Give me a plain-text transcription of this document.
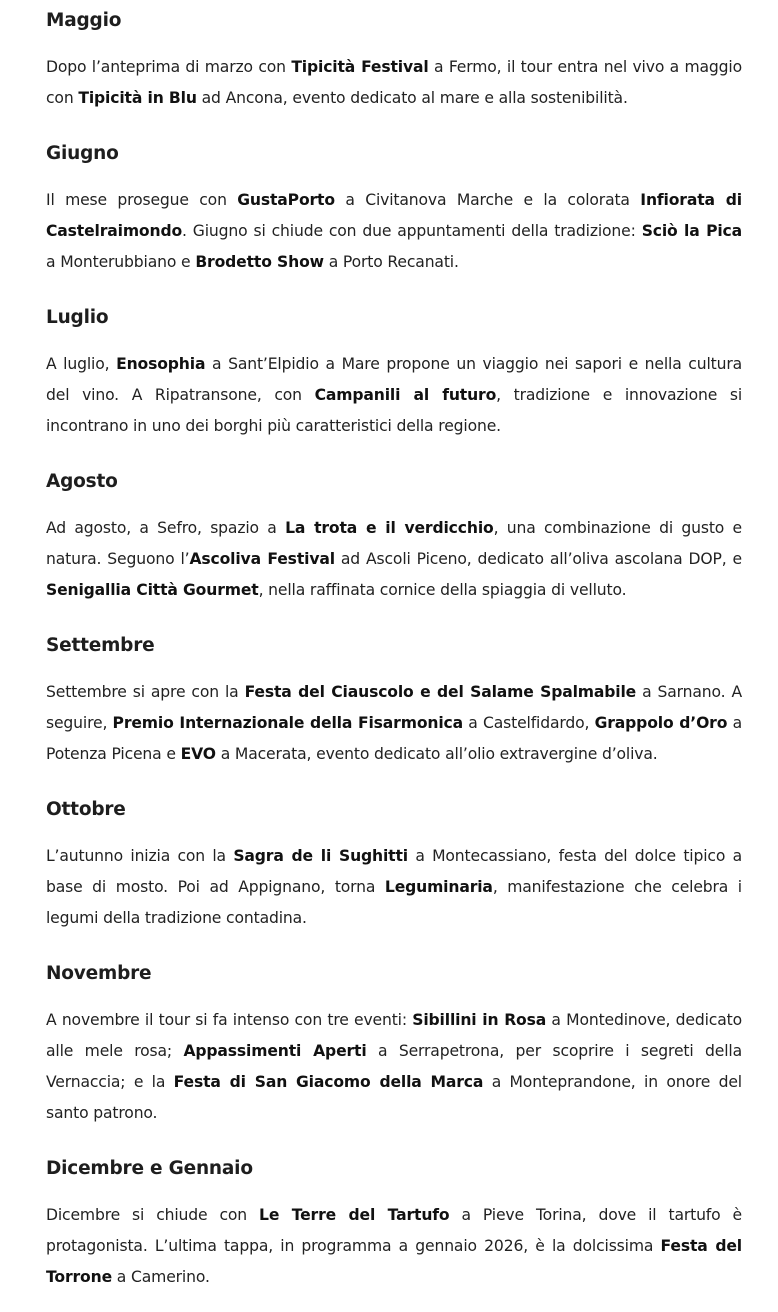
Maggio

Dopo l’anteprima di marzo con Tipicità Festival a Fermo, il tour entra nel vivo a maggio con Tipicità in Blu ad Ancona, evento dedicato al mare e alla sostenibilità.

Giugno

Il mese prosegue con GustaPorto a Civitanova Marche e la colorata Infiorata di Castelraimondo. Giugno si chiude con due appuntamenti della tradizione: Sciò la Pica a Monterubbiano e Brodetto Show a Porto Recanati.

Luglio

A luglio, Enosophia a Sant’Elpidio a Mare propone un viaggio nei sapori e nella cultura del vino. A Ripatransone, con Campanili al futuro, tradizione e innovazione si incontrano in uno dei borghi più caratteristici della regione.

Agosto

Ad agosto, a Sefro, spazio a La trota e il verdicchio, una combinazione di gusto e natura. Seguono l’Ascoliva Festival ad Ascoli Piceno, dedicato all’oliva ascolana DOP, e Senigallia Città Gourmet, nella raffinata cornice della spiaggia di velluto.

Settembre

Settembre si apre con la Festa del Ciauscolo e del Salame Spalmabile a Sarnano. A seguire, Premio Internazionale della Fisarmonica a Castelfidardo, Grappolo d’Oro a Potenza Picena e EVO a Macerata, evento dedicato all’olio extravergine d’oliva.

Ottobre

L’autunno inizia con la Sagra de li Sughitti a Montecassiano, festa del dolce tipico a base di mosto. Poi ad Appignano, torna Leguminaria, manifestazione che celebra i legumi della tradizione contadina.

Novembre

A novembre il tour si fa intenso con tre eventi: Sibillini in Rosa a Montedinove, dedicato alle mele rosa; Appassimenti Aperti a Serrapetrona, per scoprire i segreti della Vernaccia; e la Festa di San Giacomo della Marca a Monteprandone, in onore del santo patrono.

Dicembre e Gennaio

Dicembre si chiude con Le Terre del Tartufo a Pieve Torina, dove il tartufo è protagonista. L’ultima tappa, in programma a gennaio 2026, è la dolcissima Festa del Torrone a Camerino.
